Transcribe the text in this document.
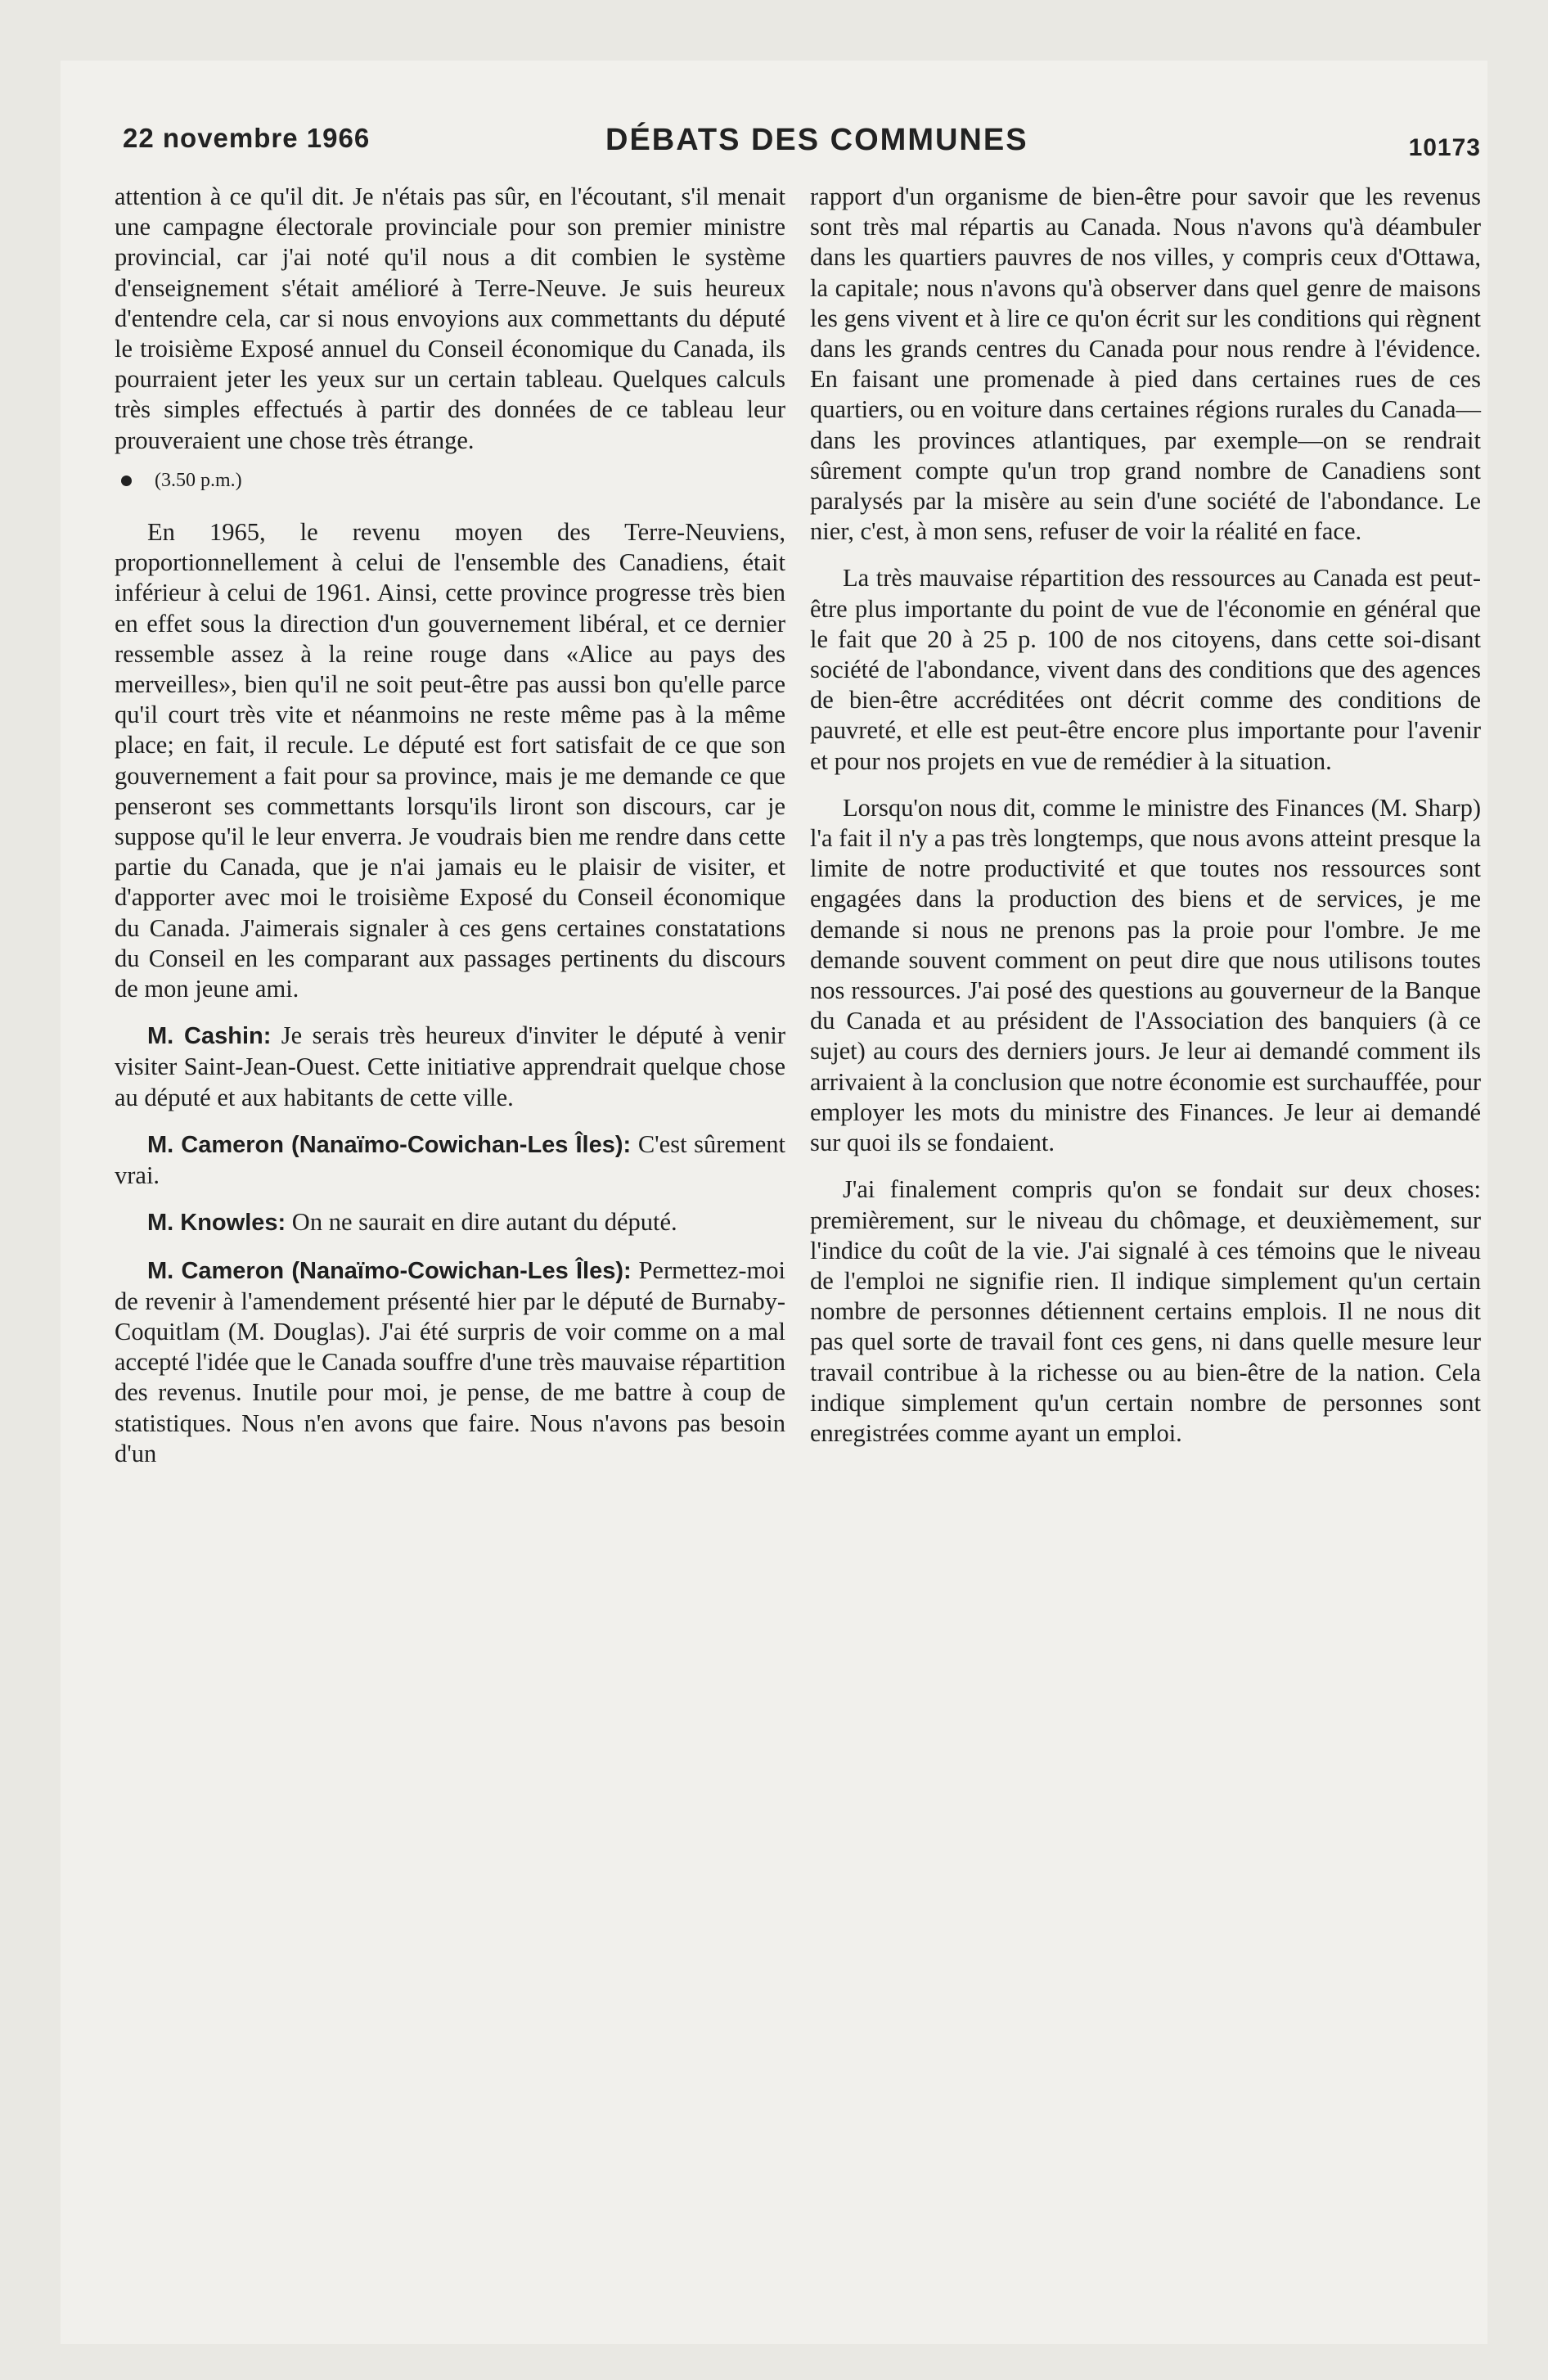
22 novembre 1966	DÉBATS DES COMMUNES	10173

attention à ce qu'il dit. Je n'étais pas sûr, en l'écoutant, s'il menait une campagne électorale provinciale pour son premier ministre provincial, car j'ai noté qu'il nous a dit combien le système d'enseignement s'était amélioré à Terre-Neuve. Je suis heureux d'entendre cela, car si nous envoyions aux commettants du député le troisième Exposé annuel du Conseil économique du Canada, ils pourraient jeter les yeux sur un certain tableau. Quelques calculs très simples effectués à partir des données de ce tableau leur prouveraient une chose très étrange.

(3.50 p.m.)

En 1965, le revenu moyen des Terre-Neuviens, proportionnellement à celui de l'ensemble des Canadiens, était inférieur à celui de 1961. Ainsi, cette province progresse très bien en effet sous la direction d'un gouvernement libéral, et ce dernier ressemble assez à la reine rouge dans «Alice au pays des merveilles», bien qu'il ne soit peut-être pas aussi bon qu'elle parce qu'il court très vite et néanmoins ne reste même pas à la même place; en fait, il recule. Le député est fort satisfait de ce que son gouvernement a fait pour sa province, mais je me demande ce que penseront ses commettants lorsqu'ils liront son discours, car je suppose qu'il le leur enverra. Je voudrais bien me rendre dans cette partie du Canada, que je n'ai jamais eu le plaisir de visiter, et d'apporter avec moi le troisième Exposé du Conseil économique du Canada. J'aimerais signaler à ces gens certaines constatations du Conseil en les comparant aux passages pertinents du discours de mon jeune ami.

M. Cashin: Je serais très heureux d'inviter le député à venir visiter Saint-Jean-Ouest. Cette initiative apprendrait quelque chose au député et aux habitants de cette ville.

M. Cameron (Nanaïmo-Cowichan-Les Îles): C'est sûrement vrai.

M. Knowles: On ne saurait en dire autant du député.

M. Cameron (Nanaïmo-Cowichan-Les Îles): Permettez-moi de revenir à l'amendement présenté hier par le député de Burnaby-Coquitlam (M. Douglas). J'ai été surpris de voir comme on a mal accepté l'idée que le Canada souffre d'une très mauvaise répartition des revenus. Inutile pour moi, je pense, de me battre à coup de statistiques. Nous n'en avons que faire. Nous n'avons pas besoin d'un

rapport d'un organisme de bien-être pour savoir que les revenus sont très mal répartis au Canada. Nous n'avons qu'à déambuler dans les quartiers pauvres de nos villes, y compris ceux d'Ottawa, la capitale; nous n'avons qu'à observer dans quel genre de maisons les gens vivent et à lire ce qu'on écrit sur les conditions qui règnent dans les grands centres du Canada pour nous rendre à l'évidence. En faisant une promenade à pied dans certaines rues de ces quartiers, ou en voiture dans certaines régions rurales du Canada—dans les provinces atlantiques, par exemple—on se rendrait sûrement compte qu'un trop grand nombre de Canadiens sont paralysés par la misère au sein d'une société de l'abondance. Le nier, c'est, à mon sens, refuser de voir la réalité en face.

La très mauvaise répartition des ressources au Canada est peut-être plus importante du point de vue de l'économie en général que le fait que 20 à 25 p. 100 de nos citoyens, dans cette soi-disant société de l'abondance, vivent dans des conditions que des agences de bien-être accréditées ont décrit comme des conditions de pauvreté, et elle est peut-être encore plus importante pour l'avenir et pour nos projets en vue de remédier à la situation.

Lorsqu'on nous dit, comme le ministre des Finances (M. Sharp) l'a fait il n'y a pas très longtemps, que nous avons atteint presque la limite de notre productivité et que toutes nos ressources sont engagées dans la production des biens et de services, je me demande si nous ne prenons pas la proie pour l'ombre. Je me demande souvent comment on peut dire que nous utilisons toutes nos ressources. J'ai posé des questions au gouverneur de la Banque du Canada et au président de l'Association des banquiers (à ce sujet) au cours des derniers jours. Je leur ai demandé comment ils arrivaient à la conclusion que notre économie est surchauffée, pour employer les mots du ministre des Finances. Je leur ai demandé sur quoi ils se fondaient.

J'ai finalement compris qu'on se fondait sur deux choses: premièrement, sur le niveau du chômage, et deuxièmement, sur l'indice du coût de la vie. J'ai signalé à ces témoins que le niveau de l'emploi ne signifie rien. Il indique simplement qu'un certain nombre de personnes détiennent certains emplois. Il ne nous dit pas quel sorte de travail font ces gens, ni dans quelle mesure leur travail contribue à la richesse ou au bien-être de la nation. Cela indique simplement qu'un certain nombre de personnes sont enregistrées comme ayant un emploi.
